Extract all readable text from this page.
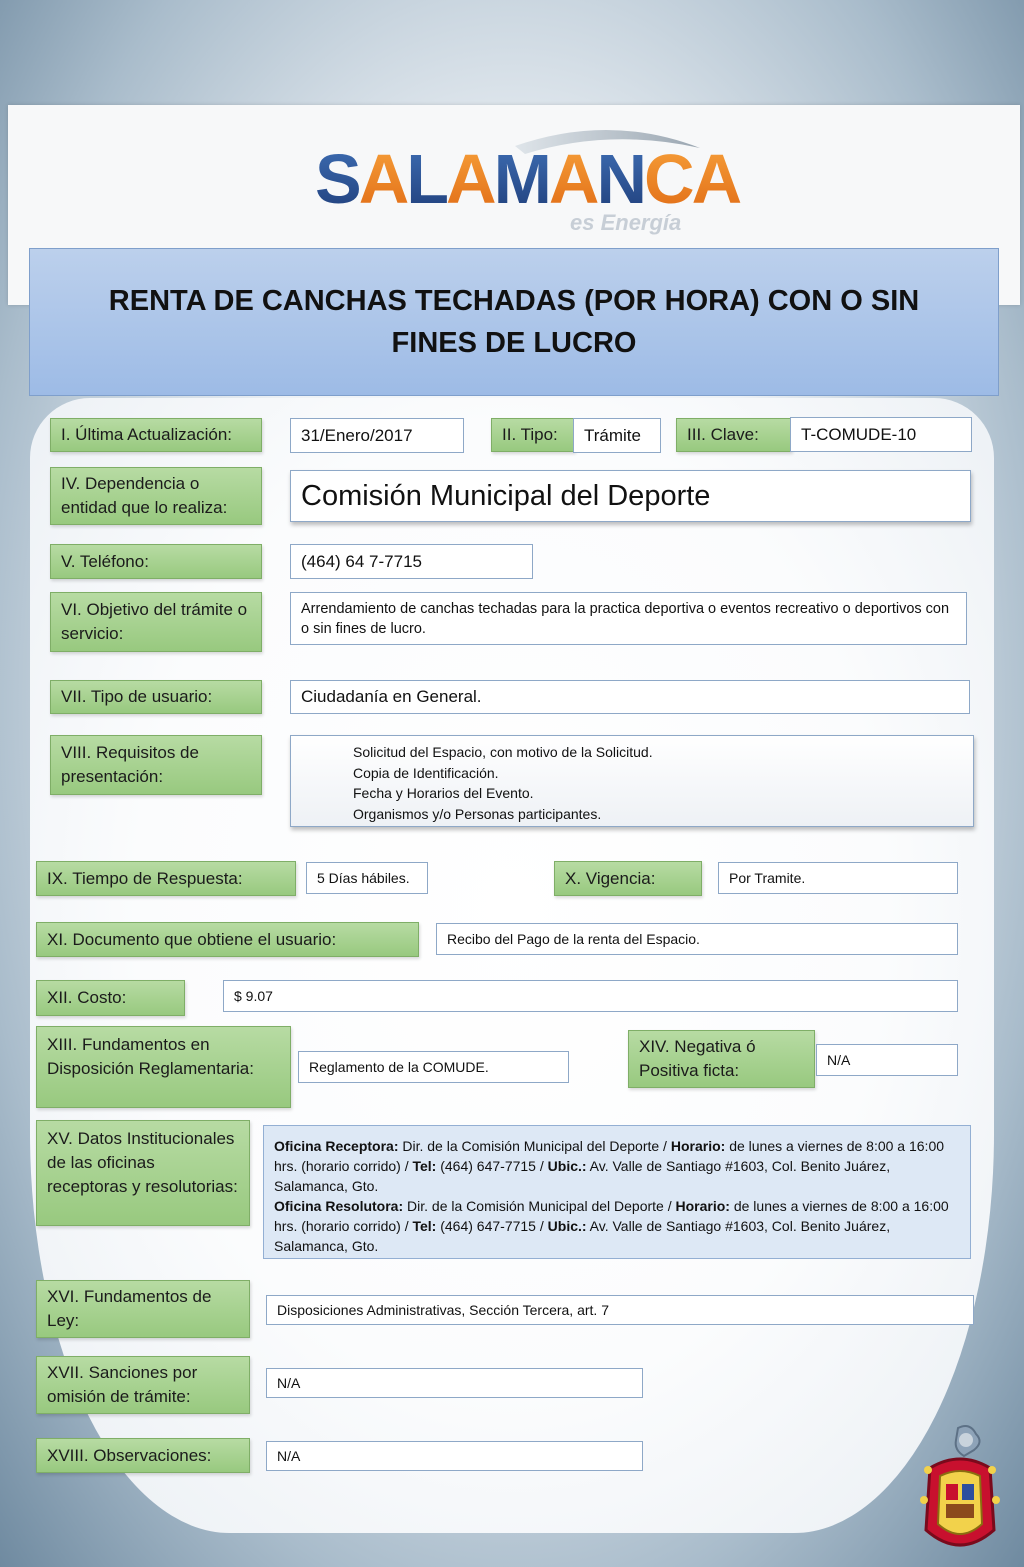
SALAMANCA
es Energía
RENTA DE CANCHAS TECHADAS (POR HORA) CON O SIN FINES DE LUCRO
I. Última Actualización:	31/Enero/2017	II. Tipo:	Trámite	III. Clave:	T-COMUDE-10
IV. Dependencia o entidad que lo realiza:	Comisión Municipal del Deporte
V. Teléfono:	(464) 64 7-7715
VI. Objetivo del trámite o servicio:
Arrendamiento de canchas techadas para la practica deportiva o eventos recreativo o deportivos con o sin fines de lucro.
VII. Tipo de usuario:	Ciudadanía en General.
VIII. Requisitos de presentación:
Solicitud del Espacio, con motivo de la Solicitud.
Copia de Identificación.
Fecha y Horarios del Evento.
Organismos y/o Personas participantes.
IX. Tiempo de Respuesta:	5 Días hábiles.	X. Vigencia:	Por Tramite.
XI. Documento que obtiene el usuario:	Recibo del Pago de la renta del Espacio.
XII. Costo:	$ 9.07
XIII. Fundamentos en Disposición Reglamentaria:	Reglamento de la COMUDE.
XIV. Negativa ó Positiva ficta:
N/A
XV. Datos Institucionales de las oficinas receptoras y resolutorias:
Oficina Receptora: Dir. de la Comisión Municipal del Deporte / Horario: de lunes a viernes de 8:00 a 16:00 hrs. (horario corrido) / Tel: (464) 647-7715 / Ubic.: Av. Valle de Santiago #1603, Col. Benito Juárez, Salamanca, Gto.
Oficina Resolutora: Dir. de la Comisión Municipal del Deporte / Horario: de lunes a viernes de 8:00 a 16:00 hrs. (horario corrido) / Tel: (464) 647-7715 / Ubic.: Av. Valle de Santiago #1603, Col. Benito Juárez, Salamanca, Gto.
XVI. Fundamentos de Ley:
Disposiciones Administrativas, Sección Tercera, art. 7
XVII. Sanciones por omisión de trámite:
N/A
XVIII. Observaciones:	N/A
